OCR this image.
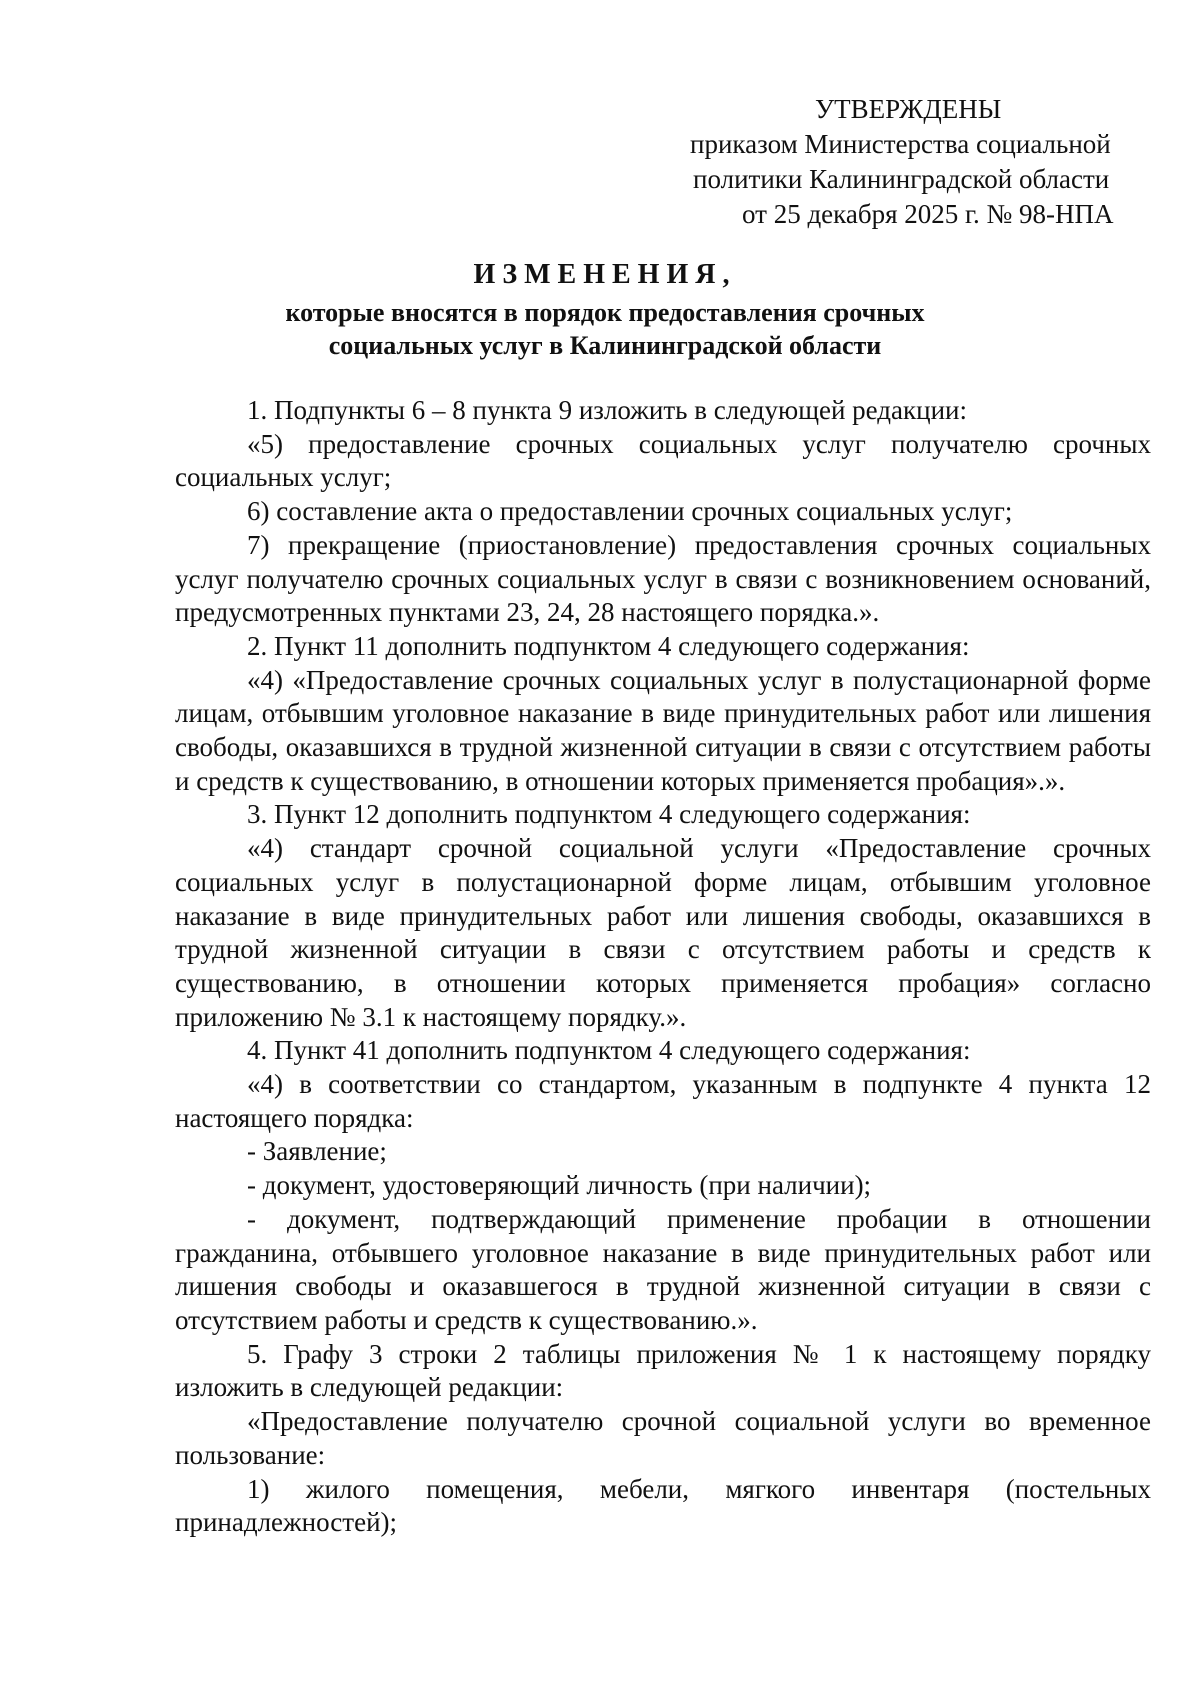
УТВЕРЖДЕНЫ
приказом Министерства социальной
политики Калининградской области
от 25 декабря 2025 г. № 98-НПА
ИЗМЕНЕНИЯ,
которые вносятся в порядок предоставления срочных
социальных услуг в Калининградской области

1. Подпункты 6 – 8 пункта 9 изложить в следующей редакции:

«5) предоставление срочных социальных услуг получателю срочных социальных услуг;

6) составление акта о предоставлении срочных социальных услуг;

7) прекращение (приостановление) предоставления срочных социальных услуг получателю срочных социальных услуг в связи с возникновением оснований, предусмотренных пунктами 23, 24, 28 настоящего порядка.».

2. Пункт 11 дополнить подпунктом 4 следующего содержания:

«4) «Предоставление срочных социальных услуг в полустационарной форме лицам, отбывшим уголовное наказание в виде принудительных работ или лишения свободы, оказавшихся в трудной жизненной ситуации в связи с отсутствием работы и средств к существованию, в отношении которых применяется пробация».».

3. Пункт 12 дополнить подпунктом 4 следующего содержания:

«4) стандарт срочной социальной услуги «Предоставление срочных социальных услуг в полустационарной форме лицам, отбывшим уголовное наказание в виде принудительных работ или лишения свободы, оказавшихся в трудной жизненной ситуации в связи с отсутствием работы и средств к существованию, в отношении которых применяется пробация» согласно приложению № 3.1 к настоящему порядку.».

4. Пункт 41 дополнить подпунктом 4 следующего содержания:

«4) в соответствии со стандартом, указанным в подпункте 4 пункта 12 настоящего порядка:

- Заявление;

- документ, удостоверяющий личность (при наличии);

- документ, подтверждающий применение пробации в отношении гражданина, отбывшего уголовное наказание в виде принудительных работ или лишения свободы и оказавшегося в трудной жизненной ситуации в связи с отсутствием работы и средств к существованию.».

5. Графу 3 строки 2 таблицы приложения № 1 к настоящему порядку изложить в следующей редакции:

«Предоставление получателю срочной социальной услуги во временное пользование:

1) жилого помещения, мебели, мягкого инвентаря (постельных принадлежностей);
